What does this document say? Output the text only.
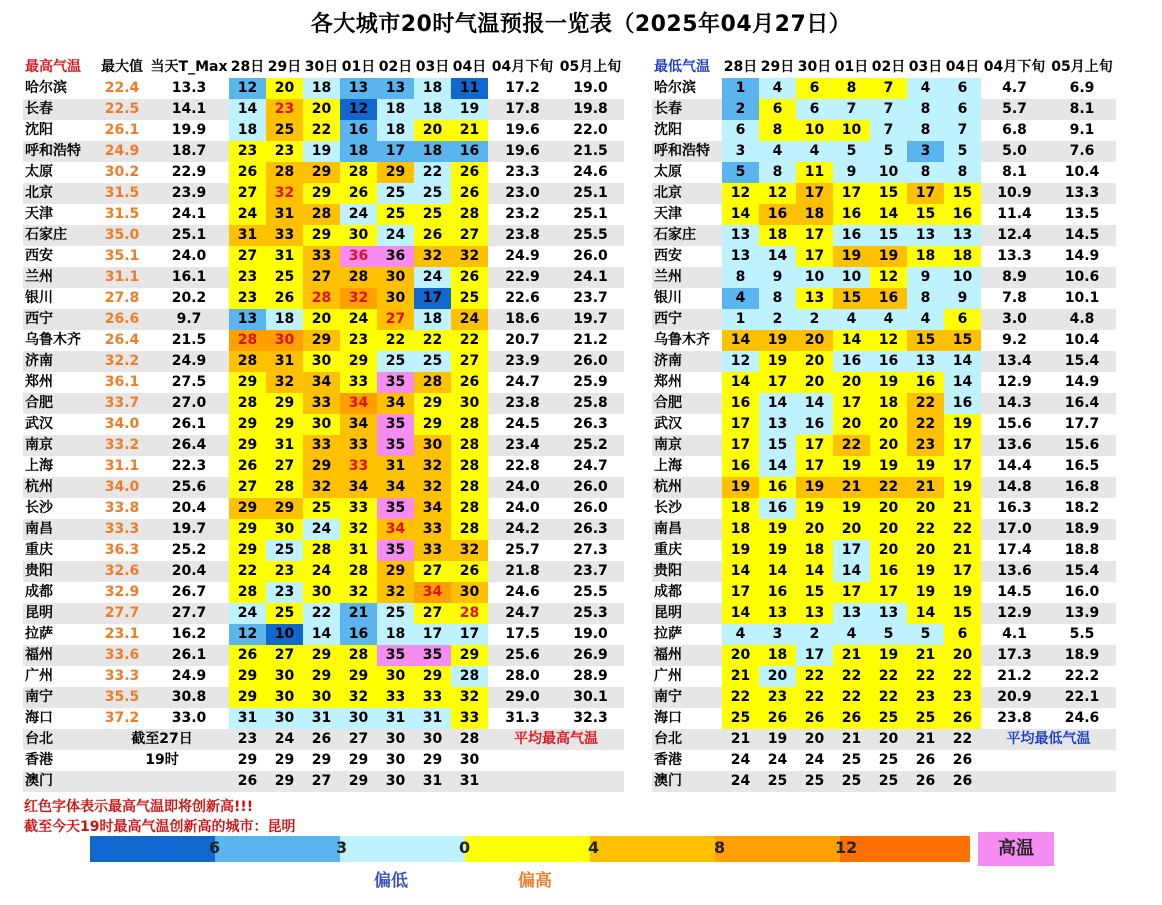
各大城市20时气温预报一览表（2025年04月27日）
最高气温	最大值	当天T_Max	28日	29日	30日	01日	02日	03日	04日	04月下旬	05月上旬
哈尔滨	22.4	13.3	12	20	18	13	13	18	11	17.2	19.0
长春	22.5	14.1	14	23	20	12	18	18	19	17.8	19.8
沈阳	26.1	19.9	18	25	22	16	18	20	21	19.6	22.0
呼和浩特	24.9	18.7	23	23	19	18	17	18	16	19.6	21.5
太原	30.2	22.9	26	28	29	28	29	22	26	23.3	24.6
北京	31.5	23.9	27	32	29	26	25	25	26	23.0	25.1
天津	31.5	24.1	24	31	28	24	25	25	28	23.2	25.1
石家庄	35.0	25.1	31	33	29	30	24	26	27	23.8	25.5
西安	35.1	24.0	27	31	33	36	36	32	32	24.9	26.0
兰州	31.1	16.1	23	25	27	28	30	24	26	22.9	24.1
银川	27.8	20.2	23	26	28	32	30	17	25	22.6	23.7
西宁	26.6	9.7	13	18	20	24	27	18	24	18.6	19.7
乌鲁木齐	26.4	21.5	28	30	29	23	22	22	22	20.7	21.2
济南	32.2	24.9	28	31	30	29	25	25	27	23.9	26.0
郑州	36.1	27.5	29	32	34	33	35	28	26	24.7	25.9
合肥	33.7	27.0	28	29	33	34	34	29	30	23.8	25.8
武汉	34.0	26.1	29	29	30	34	35	29	28	24.5	26.3
南京	33.2	26.4	29	31	33	33	35	30	28	23.4	25.2
上海	31.1	22.3	26	27	29	33	31	32	28	22.8	24.7
杭州	34.0	25.6	27	28	32	34	34	32	28	24.0	26.0
长沙	33.8	20.4	29	29	25	33	35	34	28	24.0	26.0
南昌	33.3	19.7	29	30	24	32	34	33	28	24.2	26.3
重庆	36.3	25.2	29	25	28	31	35	33	32	25.7	27.3
贵阳	32.6	20.4	22	23	24	28	29	27	26	21.8	23.7
成都	32.9	26.7	28	23	30	32	32	34	30	24.6	25.5
昆明	27.7	27.7	24	25	22	21	25	27	28	24.7	25.3
拉萨	23.1	16.2	12	10	14	16	18	17	17	17.5	19.0
福州	33.6	26.1	26	27	29	28	35	35	29	25.6	26.9
广州	33.3	24.9	29	30	29	29	30	29	28	28.0	28.9
南宁	35.5	30.8	29	30	30	32	33	33	32	29.0	30.1
海口	37.2	33.0	31	30	31	30	31	31	33	31.3	32.3
台北	截至27日		23	24	26	27	30	30	28	平均最高气温	
香港	19时		29	29	29	29	30	29	30		
澳门			26	29	27	29	30	31	31		
最低气温	28日	29日	30日	01日	02日	03日	04日	04月下旬	05月上旬
哈尔滨	1	4	6	8	7	4	6	4.7	6.9
长春	2	6	6	7	7	8	6	5.7	8.1
沈阳	6	8	10	10	7	8	7	6.8	9.1
呼和浩特	3	4	4	5	5	3	5	5.0	7.6
太原	5	8	11	9	10	8	8	8.1	10.4
北京	12	12	17	17	15	17	15	10.9	13.3
天津	14	16	18	16	14	15	16	11.4	13.5
石家庄	13	18	17	16	15	13	13	12.4	14.5
西安	13	14	17	19	19	18	18	13.3	14.9
兰州	8	9	10	10	12	9	10	8.9	10.6
银川	4	8	13	15	16	8	9	7.8	10.1
西宁	1	2	2	4	4	4	6	3.0	4.8
乌鲁木齐	14	19	20	14	12	15	15	9.2	10.4
济南	12	19	20	16	16	13	14	13.4	15.4
郑州	14	17	20	20	19	16	14	12.9	14.9
合肥	16	14	14	17	18	22	16	14.3	16.4
武汉	17	13	16	20	20	22	19	15.6	17.7
南京	17	15	17	22	20	23	17	13.6	15.6
上海	16	14	17	19	19	19	17	14.4	16.5
杭州	19	16	19	21	22	21	19	14.8	16.8
长沙	18	16	19	19	20	20	21	16.3	18.2
南昌	18	19	20	20	20	22	22	17.0	18.9
重庆	19	19	18	17	20	20	21	17.4	18.8
贵阳	14	14	14	14	16	19	17	13.6	15.4
成都	17	16	15	17	17	19	19	14.5	16.0
昆明	14	13	13	13	13	14	15	12.9	13.9
拉萨	4	3	2	4	5	5	6	4.1	5.5
福州	20	18	17	21	19	21	20	17.3	18.9
广州	21	20	22	22	22	22	22	21.2	22.2
南宁	22	23	22	22	22	23	23	20.9	22.1
海口	25	26	26	26	25	25	26	23.8	24.6
台北	21	19	20	21	20	21	22	平均最低气温	
香港	24	24	24	25	25	26	26		
澳门	24	25	25	25	25	26	26		
红色字体表示最高气温即将创新高!!!
截至今天19时最高气温创新高的城市：昆明
6	3	0	4	8	12	高温
偏低	偏高
